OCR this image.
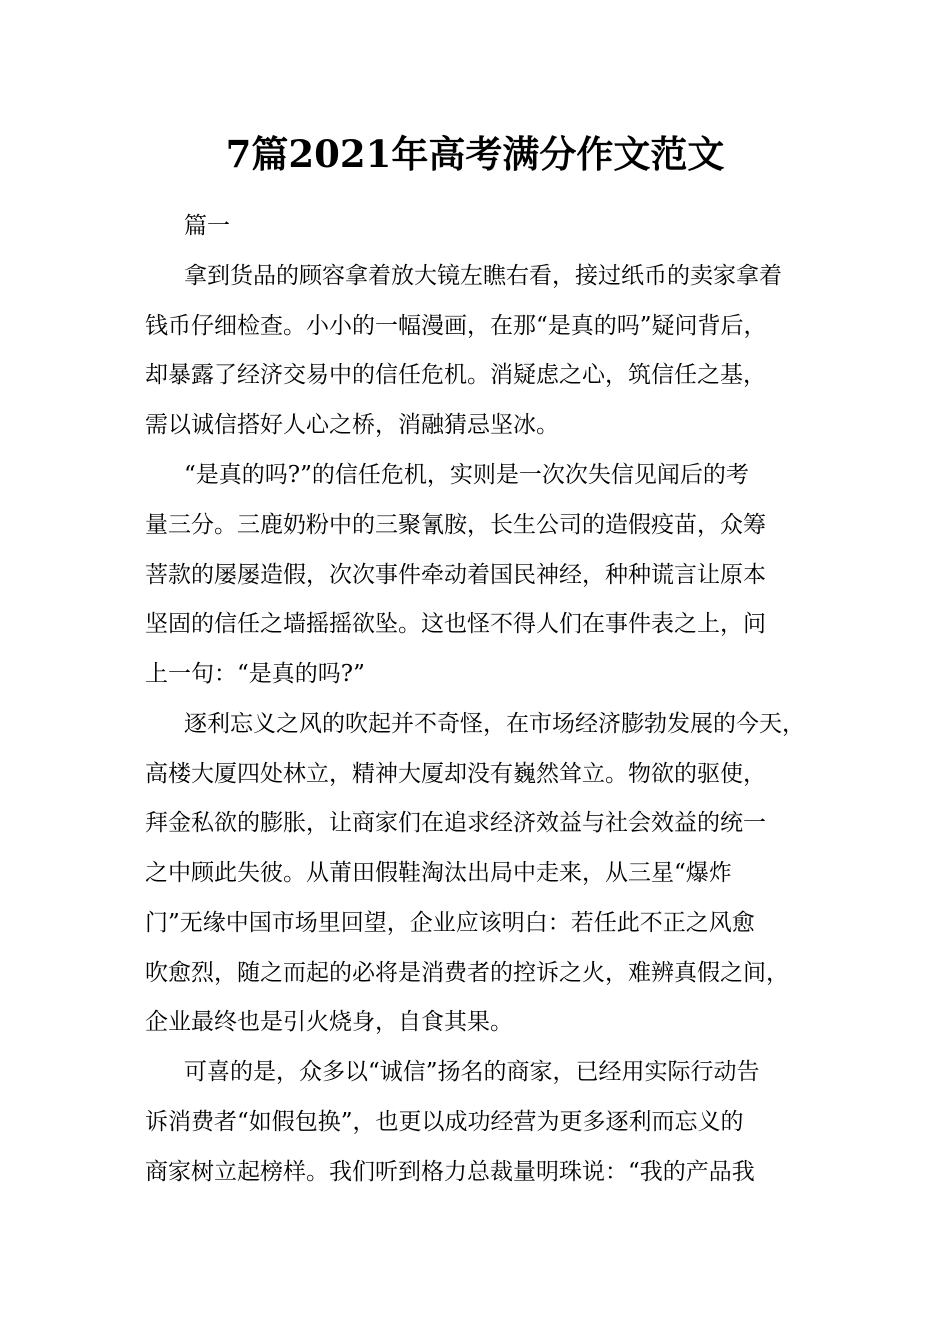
7篇2021年高考满分作文范文
篇一
拿到货品的顾容拿着放大镜左瞧右看，接过纸币的卖家拿着
钱币仔细检查。小小的一幅漫画，在那“是真的吗”疑问背后，
却暴露了经济交易中的信任危机。消疑虑之心，筑信任之基，
需以诚信搭好人心之桥，消融猜忌坚冰。
“是真的吗?”的信任危机，实则是一次次失信见闻后的考
量三分。三鹿奶粉中的三聚氰胺，长生公司的造假疫苗，众筹
菩款的屡屡造假，次次事件牵动着国民神经，种种谎言让原本
坚固的信任之墙摇摇欲坠。这也怪不得人们在事件表之上，问
上一句：“是真的吗?”
逐利忘义之风的吹起并不奇怪，在市场经济膨勃发展的今天，
高楼大厦四处林立，精神大厦却没有巍然耸立。物欲的驱使，
拜金私欲的膨胀，让商家们在追求经济效益与社会效益的统一
之中顾此失彼。从莆田假鞋淘汰出局中走来，从三星“爆炸
门”无缘中国市场里回望，企业应该明白：若任此不正之风愈
吹愈烈，随之而起的必将是消费者的控诉之火，难辨真假之间，
企业最终也是引火烧身，自食其果。
可喜的是，众多以“诚信”扬名的商家，已经用实际行动告
诉消费者“如假包换”，也更以成功经营为更多逐利而忘义的
商家树立起榜样。我们听到格力总裁量明珠说：“我的产品我
